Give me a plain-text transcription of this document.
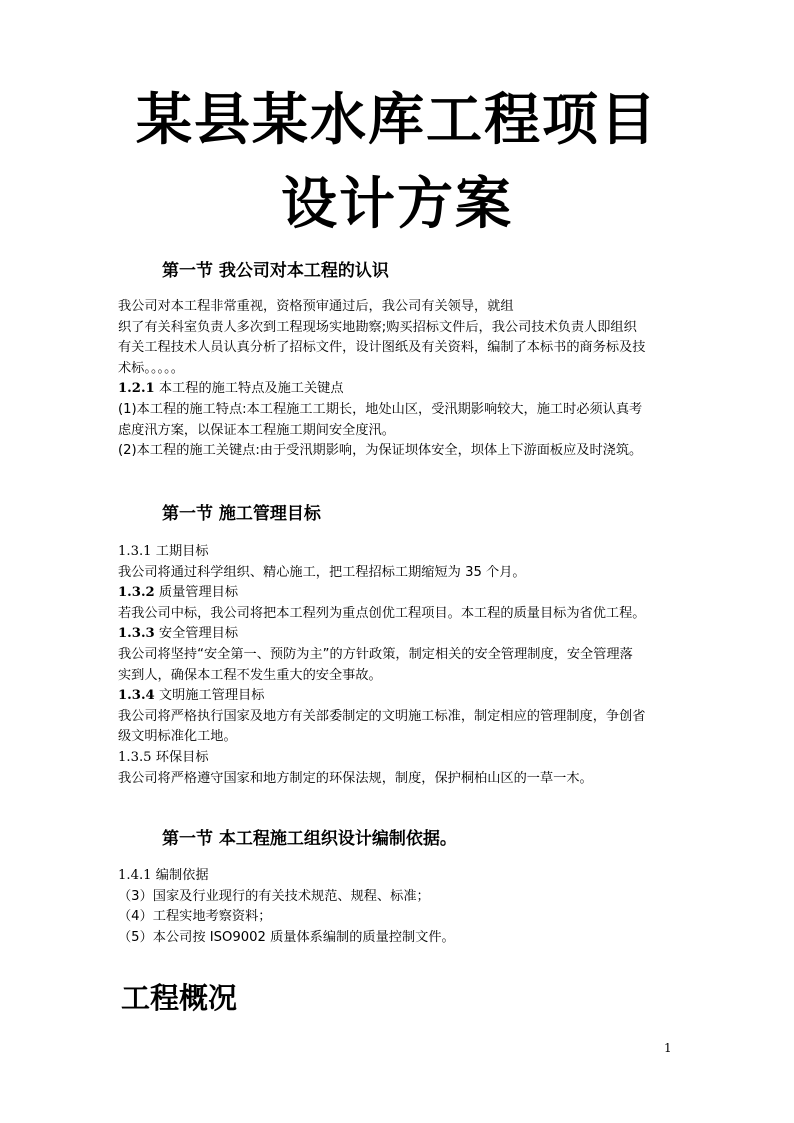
某县某水库工程项目
设计方案
第一节 我公司对本工程的认识

我公司对本工程非常重视，资格预审通过后，我公司有关领导，就组

织了有关科室负责人多次到工程现场实地勘察;购买招标文件后，我公司技术负责人即组织

有关工程技术人员认真分析了招标文件，设计图纸及有关资料，编制了本标书的商务标及技

术标。。。。。

1.2.1 本工程的施工特点及施工关键点

(1)本工程的施工特点:本工程施工工期长，地处山区，受汛期影响较大，施工时必须认真考

虑度汛方案，以保证本工程施工期间安全度汛。

(2)本工程的施工关键点:由于受汛期影响，为保证坝体安全，坝体上下游面板应及时浇筑。

第一节 施工管理目标

1.3.1 工期目标

我公司将通过科学组织、精心施工，把工程招标工期缩短为 35 个月。

1.3.2 质量管理目标

若我公司中标，我公司将把本工程列为重点创优工程项目。本工程的质量目标为省优工程。

1.3.3 安全管理目标

我公司将坚持“安全第一、预防为主”的方针政策，制定相关的安全管理制度，安全管理落

实到人，确保本工程不发生重大的安全事故。

1.3.4 文明施工管理目标

我公司将严格执行国家及地方有关部委制定的文明施工标准，制定相应的管理制度，争创省

级文明标准化工地。

1.3.5 环保目标

我公司将严格遵守国家和地方制定的环保法规，制度，保护桐柏山区的一草一木。

第一节 本工程施工组织设计编制依据。

1.4.1 编制依据

（3）国家及行业现行的有关技术规范、规程、标准；

（4）工程实地考察资料；

（5）本公司按 ISO9002 质量体系编制的质量控制文件。

工程概况
1
